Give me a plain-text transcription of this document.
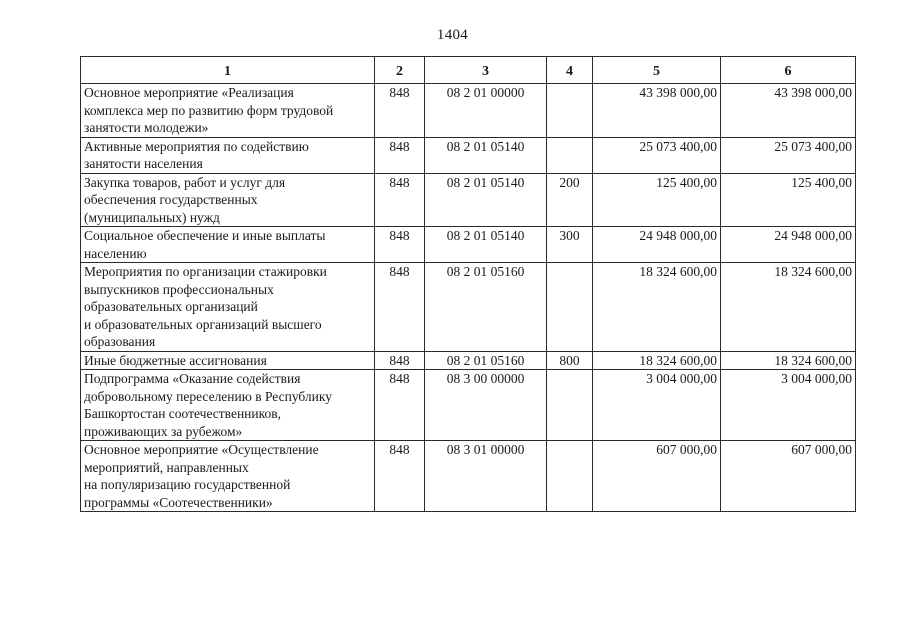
1404
1	2	3	4	5	6

Основное мероприятие «Реализация
комплекса мер по развитию форм трудовой
занятости молодежи»	848	08 2 01 00000		43 398 000,00	43 398 000,00

Активные мероприятия по содействию
занятости населения	848	08 2 01 05140		25 073 400,00	25 073 400,00

Закупка товаров, работ и услуг для
обеспечения государственных
(муниципальных) нужд	848	08 2 01 05140	200	125 400,00	125 400,00

Социальное обеспечение и иные выплаты
населению	848	08 2 01 05140	300	24 948 000,00	24 948 000,00

Мероприятия по организации стажировки
выпускников профессиональных
образовательных организаций
и образовательных организаций высшего
образования	848	08 2 01 05160		18 324 600,00	18 324 600,00

Иные бюджетные ассигнования	848	08 2 01 05160	800	18 324 600,00	18 324 600,00

Подпрограмма «Оказание содействия
добровольному переселению в Республику
Башкортостан соотечественников,
проживающих за рубежом»	848	08 3 00 00000		3 004 000,00	3 004 000,00

Основное мероприятие «Осуществление
мероприятий, направленных
на популяризацию государственной
программы «Соотечественники»	848	08 3 01 00000		607 000,00	607 000,00
